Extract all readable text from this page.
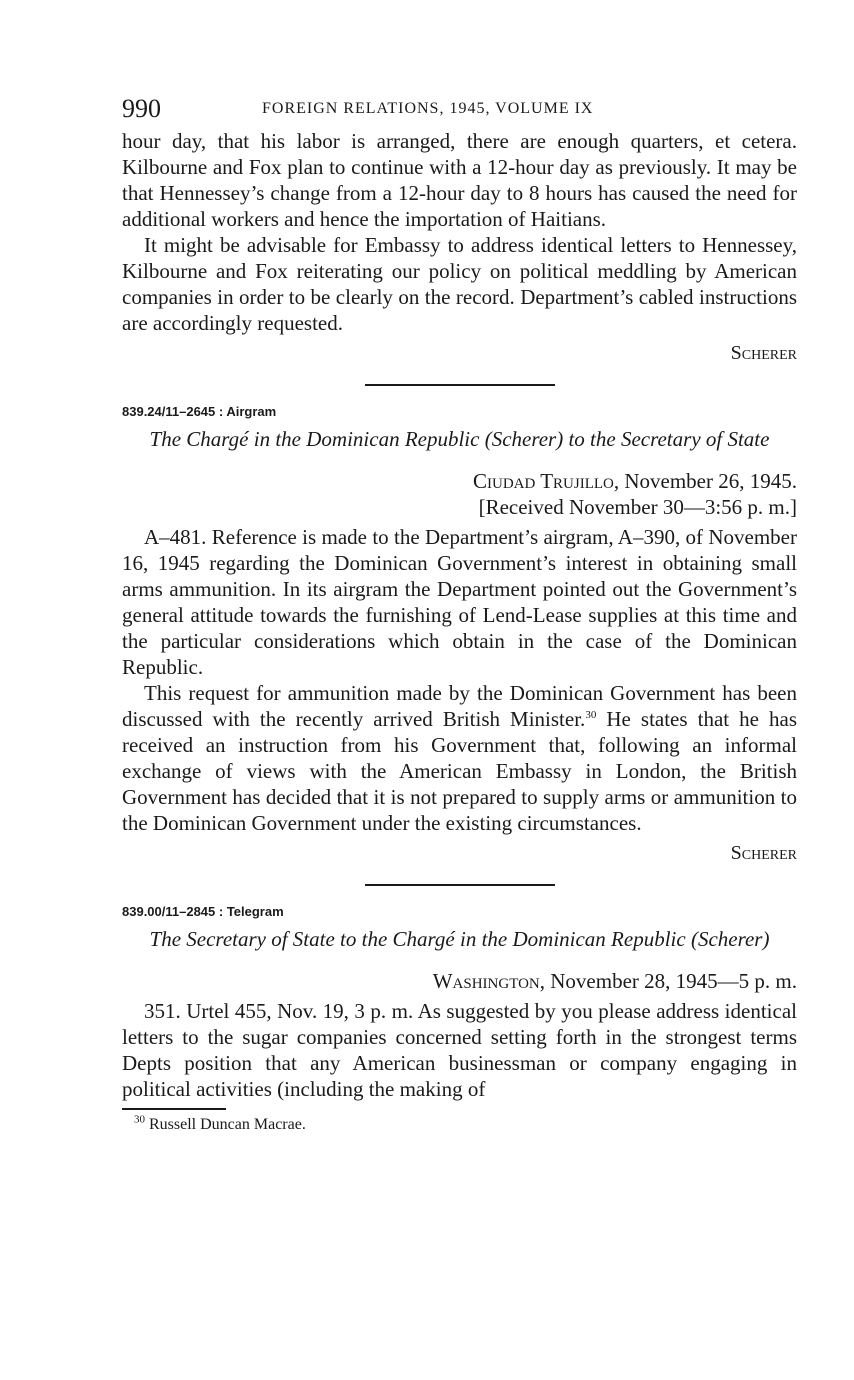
990	FOREIGN RELATIONS, 1945, VOLUME IX

hour day, that his labor is arranged, there are enough quarters, et cetera. Kilbourne and Fox plan to continue with a 12-hour day as previously. It may be that Hennessey’s change from a 12-hour day to 8 hours has caused the need for additional workers and hence the importation of Haitians.

It might be advisable for Embassy to address identical letters to Hennessey, Kilbourne and Fox reiterating our policy on political meddling by American companies in order to be clearly on the record. Department’s cabled instructions are accordingly requested.

Scherer
839.24/11–2645 : Airgram
The Chargé in the Dominican Republic (Scherer) to the Secretary of State
Ciudad Trujillo, November 26, 1945.
[Received November 30—3:56 p. m.]

A–481. Reference is made to the Department’s airgram, A–390, of November 16, 1945 regarding the Dominican Government’s interest in obtaining small arms ammunition. In its airgram the Department pointed out the Government’s general attitude towards the furnishing of Lend-Lease supplies at this time and the particular considerations which obtain in the case of the Dominican Republic.

This request for ammunition made by the Dominican Government has been discussed with the recently arrived British Minister.$^{30}$ He states that he has received an instruction from his Government that, following an informal exchange of views with the American Embassy in London, the British Government has decided that it is not prepared to supply arms or ammunition to the Dominican Government under the existing circumstances.

Scherer
839.00/11–2845 : Telegram
The Secretary of State to the Chargé in the Dominican Republic (Scherer)
Washington, November 28, 1945—5 p. m.

351. Urtel 455, Nov. 19, 3 p. m. As suggested by you please address identical letters to the sugar companies concerned setting forth in the strongest terms Depts position that any American businessman or company engaging in political activities (including the making of

$^{30}$ Russell Duncan Macrae.
